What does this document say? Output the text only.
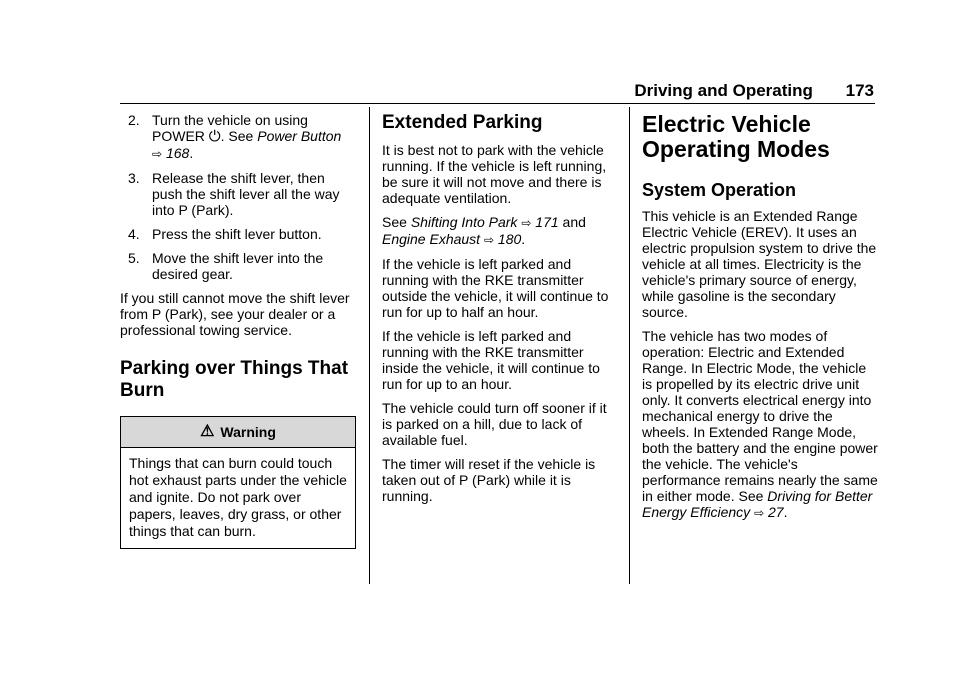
Driving and Operating 173
2. Turn the vehicle on using
POWER ⏻. See Power Button
⇨ 168.
3. Release the shift lever, then push the shift lever all the way into P (Park).
4. Press the shift lever button.
5. Move the shift lever into the desired gear.

If you still cannot move the shift lever from P (Park), see your dealer or a professional towing service.

Parking over Things That Burn
⚠ Warning
Things that can burn could touch hot exhaust parts under the vehicle and ignite. Do not park over papers, leaves, dry grass, or other things that can burn.
Extended Parking

It is best not to park with the vehicle running. If the vehicle is left running, be sure it will not move and there is adequate ventilation.

See Shifting Into Park ⇨ 171 and Engine Exhaust ⇨ 180.

If the vehicle is left parked and running with the RKE transmitter outside the vehicle, it will continue to run for up to half an hour.

If the vehicle is left parked and running with the RKE transmitter inside the vehicle, it will continue to run for up to an hour.

The vehicle could turn off sooner if it is parked on a hill, due to lack of available fuel.

The timer will reset if the vehicle is taken out of P (Park) while it is running.

Electric Vehicle Operating Modes
System Operation

This vehicle is an Extended Range Electric Vehicle (EREV). It uses an electric propulsion system to drive the vehicle at all times. Electricity is the vehicle's primary source of energy, while gasoline is the secondary source.

The vehicle has two modes of operation: Electric and Extended Range. In Electric Mode, the vehicle is propelled by its electric drive unit only. It converts electrical energy into mechanical energy to drive the wheels. In Extended Range Mode, both the battery and the engine power the vehicle. The vehicle's performance remains nearly the same in either mode. See Driving for Better Energy Efficiency ⇨ 27.
